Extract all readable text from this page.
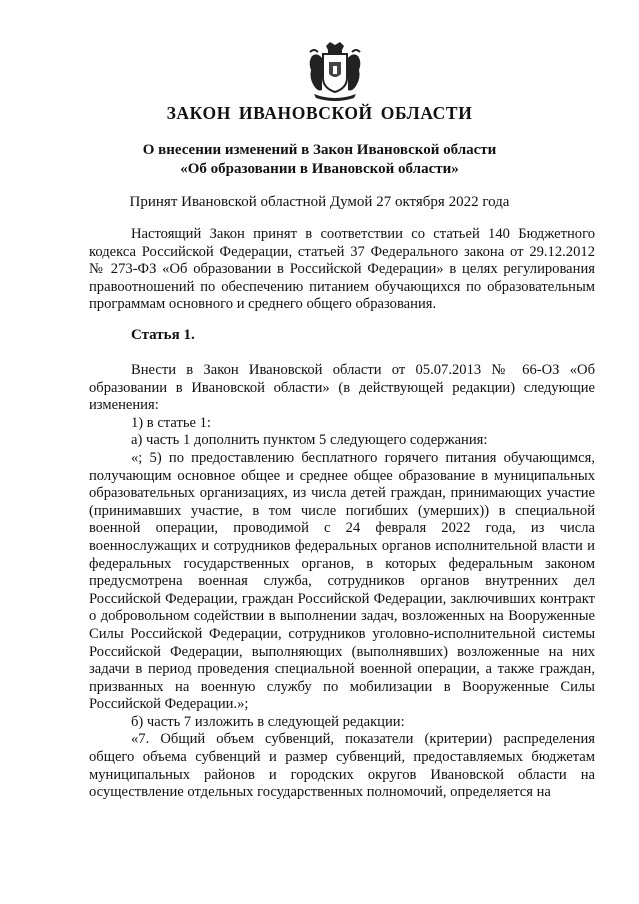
ЗАКОН ИВАНОВСКОЙ ОБЛАСТИ
О внесении изменений в Закон Ивановской области
«Об образовании в Ивановской области»
Принят Ивановской областной Думой 27 октября 2022 года

Настоящий Закон принят в соответствии со статьей 140 Бюджетного кодекса Российской Федерации, статьей 37 Федерального закона от 29.12.2012 № 273-ФЗ «Об образовании в Российской Федерации» в целях регулирования правоотношений по обеспечению питанием обучающихся по образовательным программам основного и среднего общего образования.

Статья 1.

Внести в Закон Ивановской области от 05.07.2013 № 66-ОЗ «Об образовании в Ивановской области» (в действующей редакции) следующие изменения:

1) в статье 1:

а) часть 1 дополнить пунктом 5 следующего содержания:

«; 5) по предоставлению бесплатного горячего питания обучающимся, получающим основное общее и среднее общее образование в муниципальных образовательных организациях, из числа детей граждан, принимающих участие (принимавших участие, в том числе погибших (умерших)) в специальной военной операции, проводимой с 24 февраля 2022 года, из числа военнослужащих и сотрудников федеральных органов исполнительной власти и федеральных государственных органов, в которых федеральным законом предусмотрена военная служба, сотрудников органов внутренних дел Российской Федерации, граждан Российской Федерации, заключивших контракт о добровольном содействии в выполнении задач, возложенных на Вооруженные Силы Российской Федерации, сотрудников уголовно-исполнительной системы Российской Федерации, выполняющих (выполнявших) возложенные на них задачи в период проведения специальной военной операции, а также граждан, призванных на военную службу по мобилизации в Вооруженные Силы Российской Федерации.»;

б) часть 7 изложить в следующей редакции:

«7. Общий объем субвенций, показатели (критерии) распределения общего объема субвенций и размер субвенций, предоставляемых бюджетам муниципальных районов и городских округов Ивановской области на осуществление отдельных государственных полномочий, определяется на
